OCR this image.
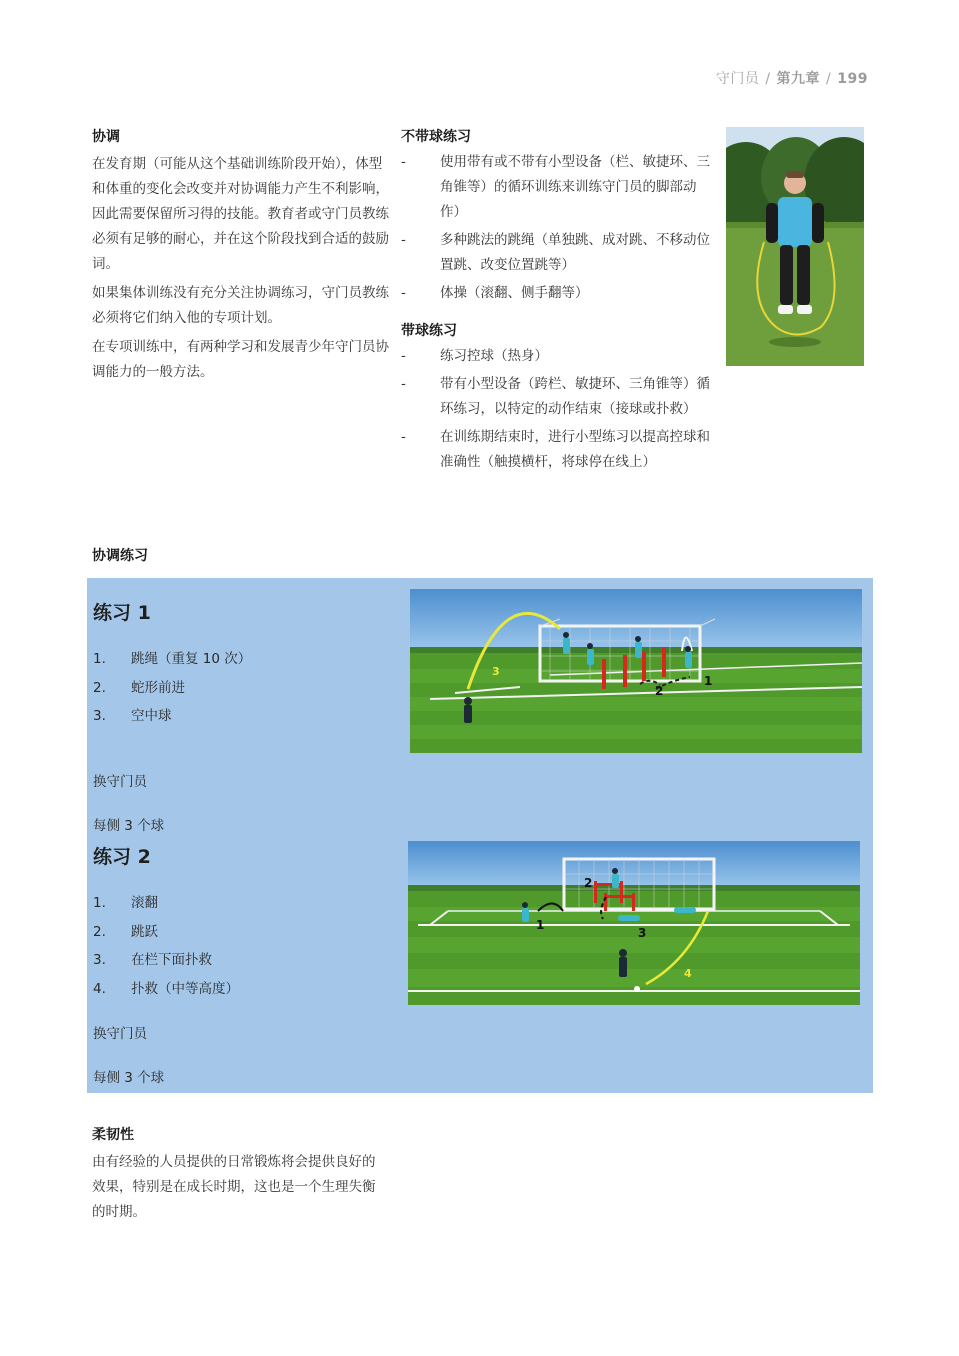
守门员 / 第九章 / 199
协调

在发育期（可能从这个基础训练阶段开始），体型和体重的变化会改变并对协调能力产生不利影响，因此需要保留所习得的技能。教育者或守门员教练必须有足够的耐心，并在这个阶段找到合适的鼓励词。

如果集体训练没有充分关注协调练习，守门员教练必须将它们纳入他的专项计划。

在专项训练中，有两种学习和发展青少年守门员协调能力的一般方法。

不带球练习
-	使用带有或不带有小型设备（栏、敏捷环、三角锥等）的循环训练来训练守门员的脚部动作）
-	多种跳法的跳绳（单独跳、成对跳、不移动位置跳、改变位置跳等）
-	体操（滚翻、侧手翻等）
带球练习
-	练习控球（热身）
-	带有小型设备（跨栏、敏捷环、三角锥等）循环练习，以特定的动作结束（接球或扑救）
-	在训练期结束时，进行小型练习以提高控球和准确性（触摸横杆，将球停在线上）
协调练习
练习 1
1. 跳绳（重复 10 次）
2. 蛇形前进
3. 空中球
换守门员
每侧 3 个球
3
2
1
练习 2
1. 滚翻
2. 跳跃
3. 在栏下面扑救
4. 扑救（中等高度）
换守门员
每侧 3 个球
2
1
3
4
柔韧性

由有经验的人员提供的日常锻炼将会提供良好的效果，特别是在成长时期，这也是一个生理失衡的时期。
